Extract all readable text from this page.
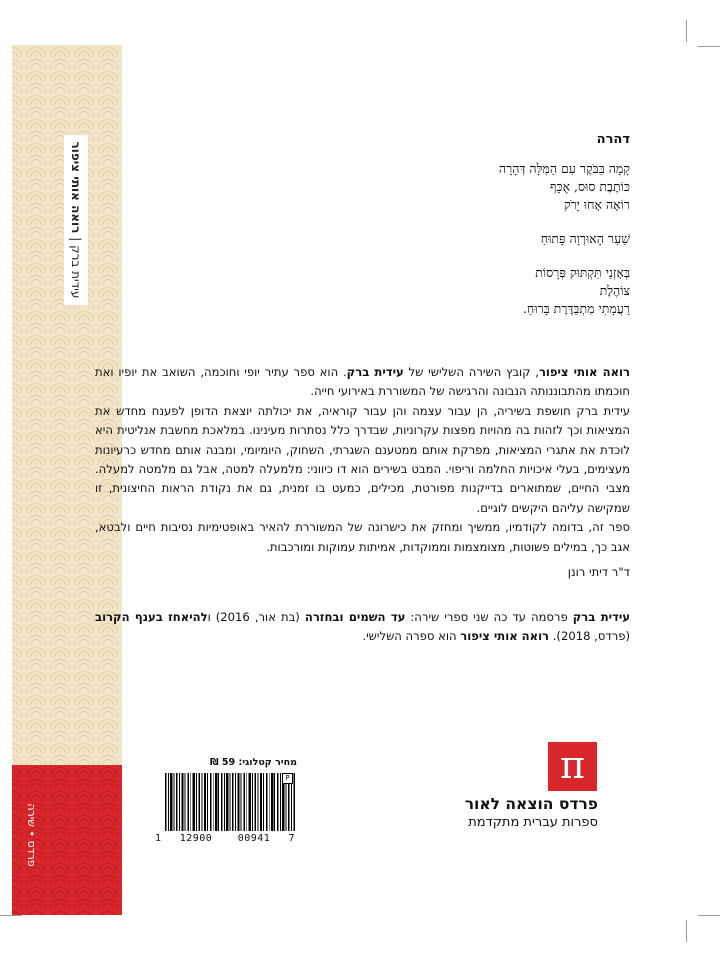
עידית ברק | רואה אותי ציפור
פרדס • שירה
דהרה
קָמָה בַּבֹּקֶר עִם הַמִּלָּה דְּהָרָה
כּוֹתֶבֶת סוּס, אֻכָּף
רוֹאָה אָחוּ יָרֹק
שַׁעַר הָאוּרְוָה פָּתוּחַ
בְּאָזְנַי תִּקְתּוּק פְּרָסוֹת
צוֹהֶלֶת
רַעֲמָתִי מִתְבַּדֶּרֶת בָּרוּחַ.

רואה אותי ציפור, קובץ השירה השלישי של עידית ברק. הוא ספר עתיר יופי וחוכמה, השואב את יופיו ואת חוכמתו מהתבוננותה הנבונה והרגישה של המשוררת באירועי חייה.

עידית ברק חושפת בשיריה, הן עבור עצמה והן עבור קוראיה, את יכולתה יוצאת הדופן לפענח מחדש את המציאות וכך לזהות בה מהויות מפצות עקרוניות, שבדרך כלל נסתרות מעינינו. במלאכת מחשבת אנליטית היא לוכדת את אתגרי המציאות, מפרקת אותם ממטענם השגרתי, השחוק, היומיומי, ומבנה אותם מחדש כרעיונות מעצימים, בעלי איכויות החלמה וריפוי. המבט בשירים הוא דו כיווני: מלמעלה למטה, אבל גם מלמטה למעלה. מצבי החיים, שמתוארים בדייקנות מפורטת, מכילים, כמעט בו זמנית, גם את נקודת הראות החיצונית, זו שמקישה עליהם היקשים לוגיים.

ספר זה, בדומה לקודמיו, ממשיך ומחזק את כישרונה של המשוררת להאיר באופטימיות נסיבות חיים ולבטא, אגב כך, במילים פשוטות, מצומצמות וממוקדות, אמיתות עמוקות ומורכבות.

ד"ר דיתי רונן

עידית ברק פרסמה עד כה שני ספרי שירה: עד השמים ובחזרה (בת אור, 2016) ולהיאחז בענף הקרוב (פרדס, 2018). רואה אותי ציפור הוא ספרה השלישי.

מחיר קטלוגי: 59 ₪
P
1 12900	00941 7
π
פרדס הוצאה לאור
ספרות עברית מתקדמת
